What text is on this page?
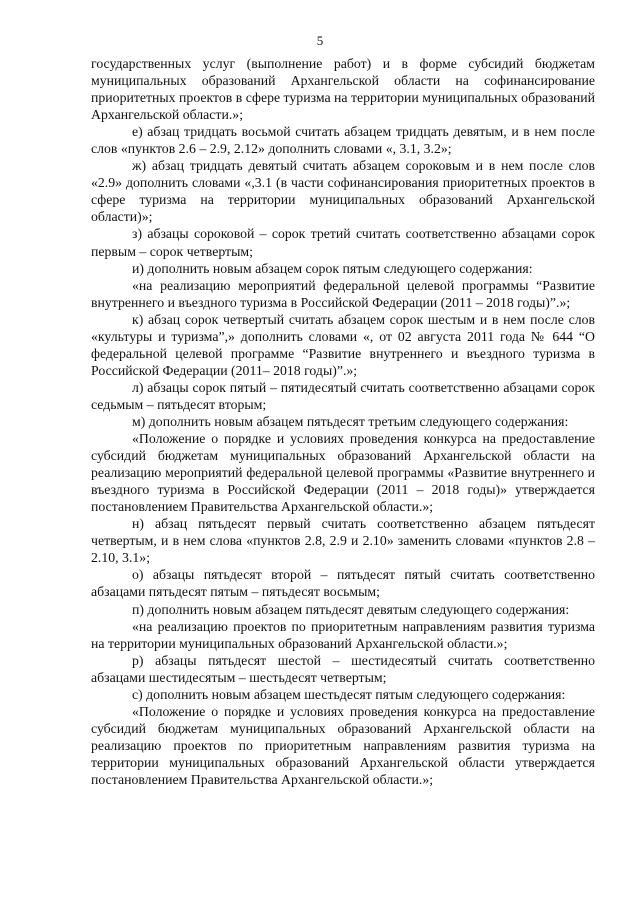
5

государственных услуг (выполнение работ) и в форме субсидий бюджетам муниципальных образований Архангельской области на софинансирование приоритетных проектов в сфере туризма на территории муниципальных образований Архангельской области.»;

е) абзац тридцать восьмой считать абзацем тридцать девятым, и в нем после слов «пунктов 2.6 – 2.9, 2.12» дополнить словами «, 3.1, 3.2»;

ж) абзац тридцать девятый считать абзацем сороковым и в нем после слов «2.9» дополнить словами «,3.1 (в части софинансирования приоритетных проектов в сфере туризма на территории муниципальных образований Архангельской области)»;

з) абзацы сороковой – сорок третий считать соответственно абзацами сорок первым – сорок четвертым;

и) дополнить новым абзацем сорок пятым следующего содержания:

«на реализацию мероприятий федеральной целевой программы “Развитие внутреннего и въездного туризма в Российской Федерации (2011 – 2018 годы)”.»;

к) абзац сорок четвертый считать абзацем сорок шестым и в нем после слов «культуры и туризма”,» дополнить словами «, от 02 августа 2011 года № 644 “О федеральной целевой программе “Развитие внутреннего и въездного туризма в Российской Федерации (2011– 2018 годы)”.»;

л) абзацы сорок пятый – пятидесятый считать соответственно абзацами сорок седьмым – пятьдесят вторым;

м) дополнить новым абзацем пятьдесят третьим следующего содержания:

«Положение о порядке и условиях проведения конкурса на предоставление субсидий бюджетам муниципальных образований Архангельской области на реализацию мероприятий федеральной целевой программы «Развитие внутреннего и въездного туризма в Российской Федерации (2011 – 2018 годы)» утверждается постановлением Правительства Архангельской области.»;

н) абзац пятьдесят первый считать соответственно абзацем пятьдесят четвертым, и в нем слова «пунктов 2.8, 2.9 и 2.10» заменить словами «пунктов 2.8 – 2.10, 3.1»;

о) абзацы пятьдесят второй – пятьдесят пятый считать соответственно абзацами пятьдесят пятым – пятьдесят восьмым;

п) дополнить новым абзацем пятьдесят девятым следующего содержания:

«на реализацию проектов по приоритетным направлениям развития туризма на территории муниципальных образований Архангельской области.»;

р) абзацы пятьдесят шестой – шестидесятый считать соответственно абзацами шестидесятым – шестьдесят четвертым;

с) дополнить новым абзацем шестьдесят пятым следующего содержания:

«Положение о порядке и условиях проведения конкурса на предоставление субсидий бюджетам муниципальных образований Архангельской области на реализацию проектов по приоритетным направлениям развития туризма на территории муниципальных образований Архангельской области утверждается постановлением Правительства Архангельской области.»;
